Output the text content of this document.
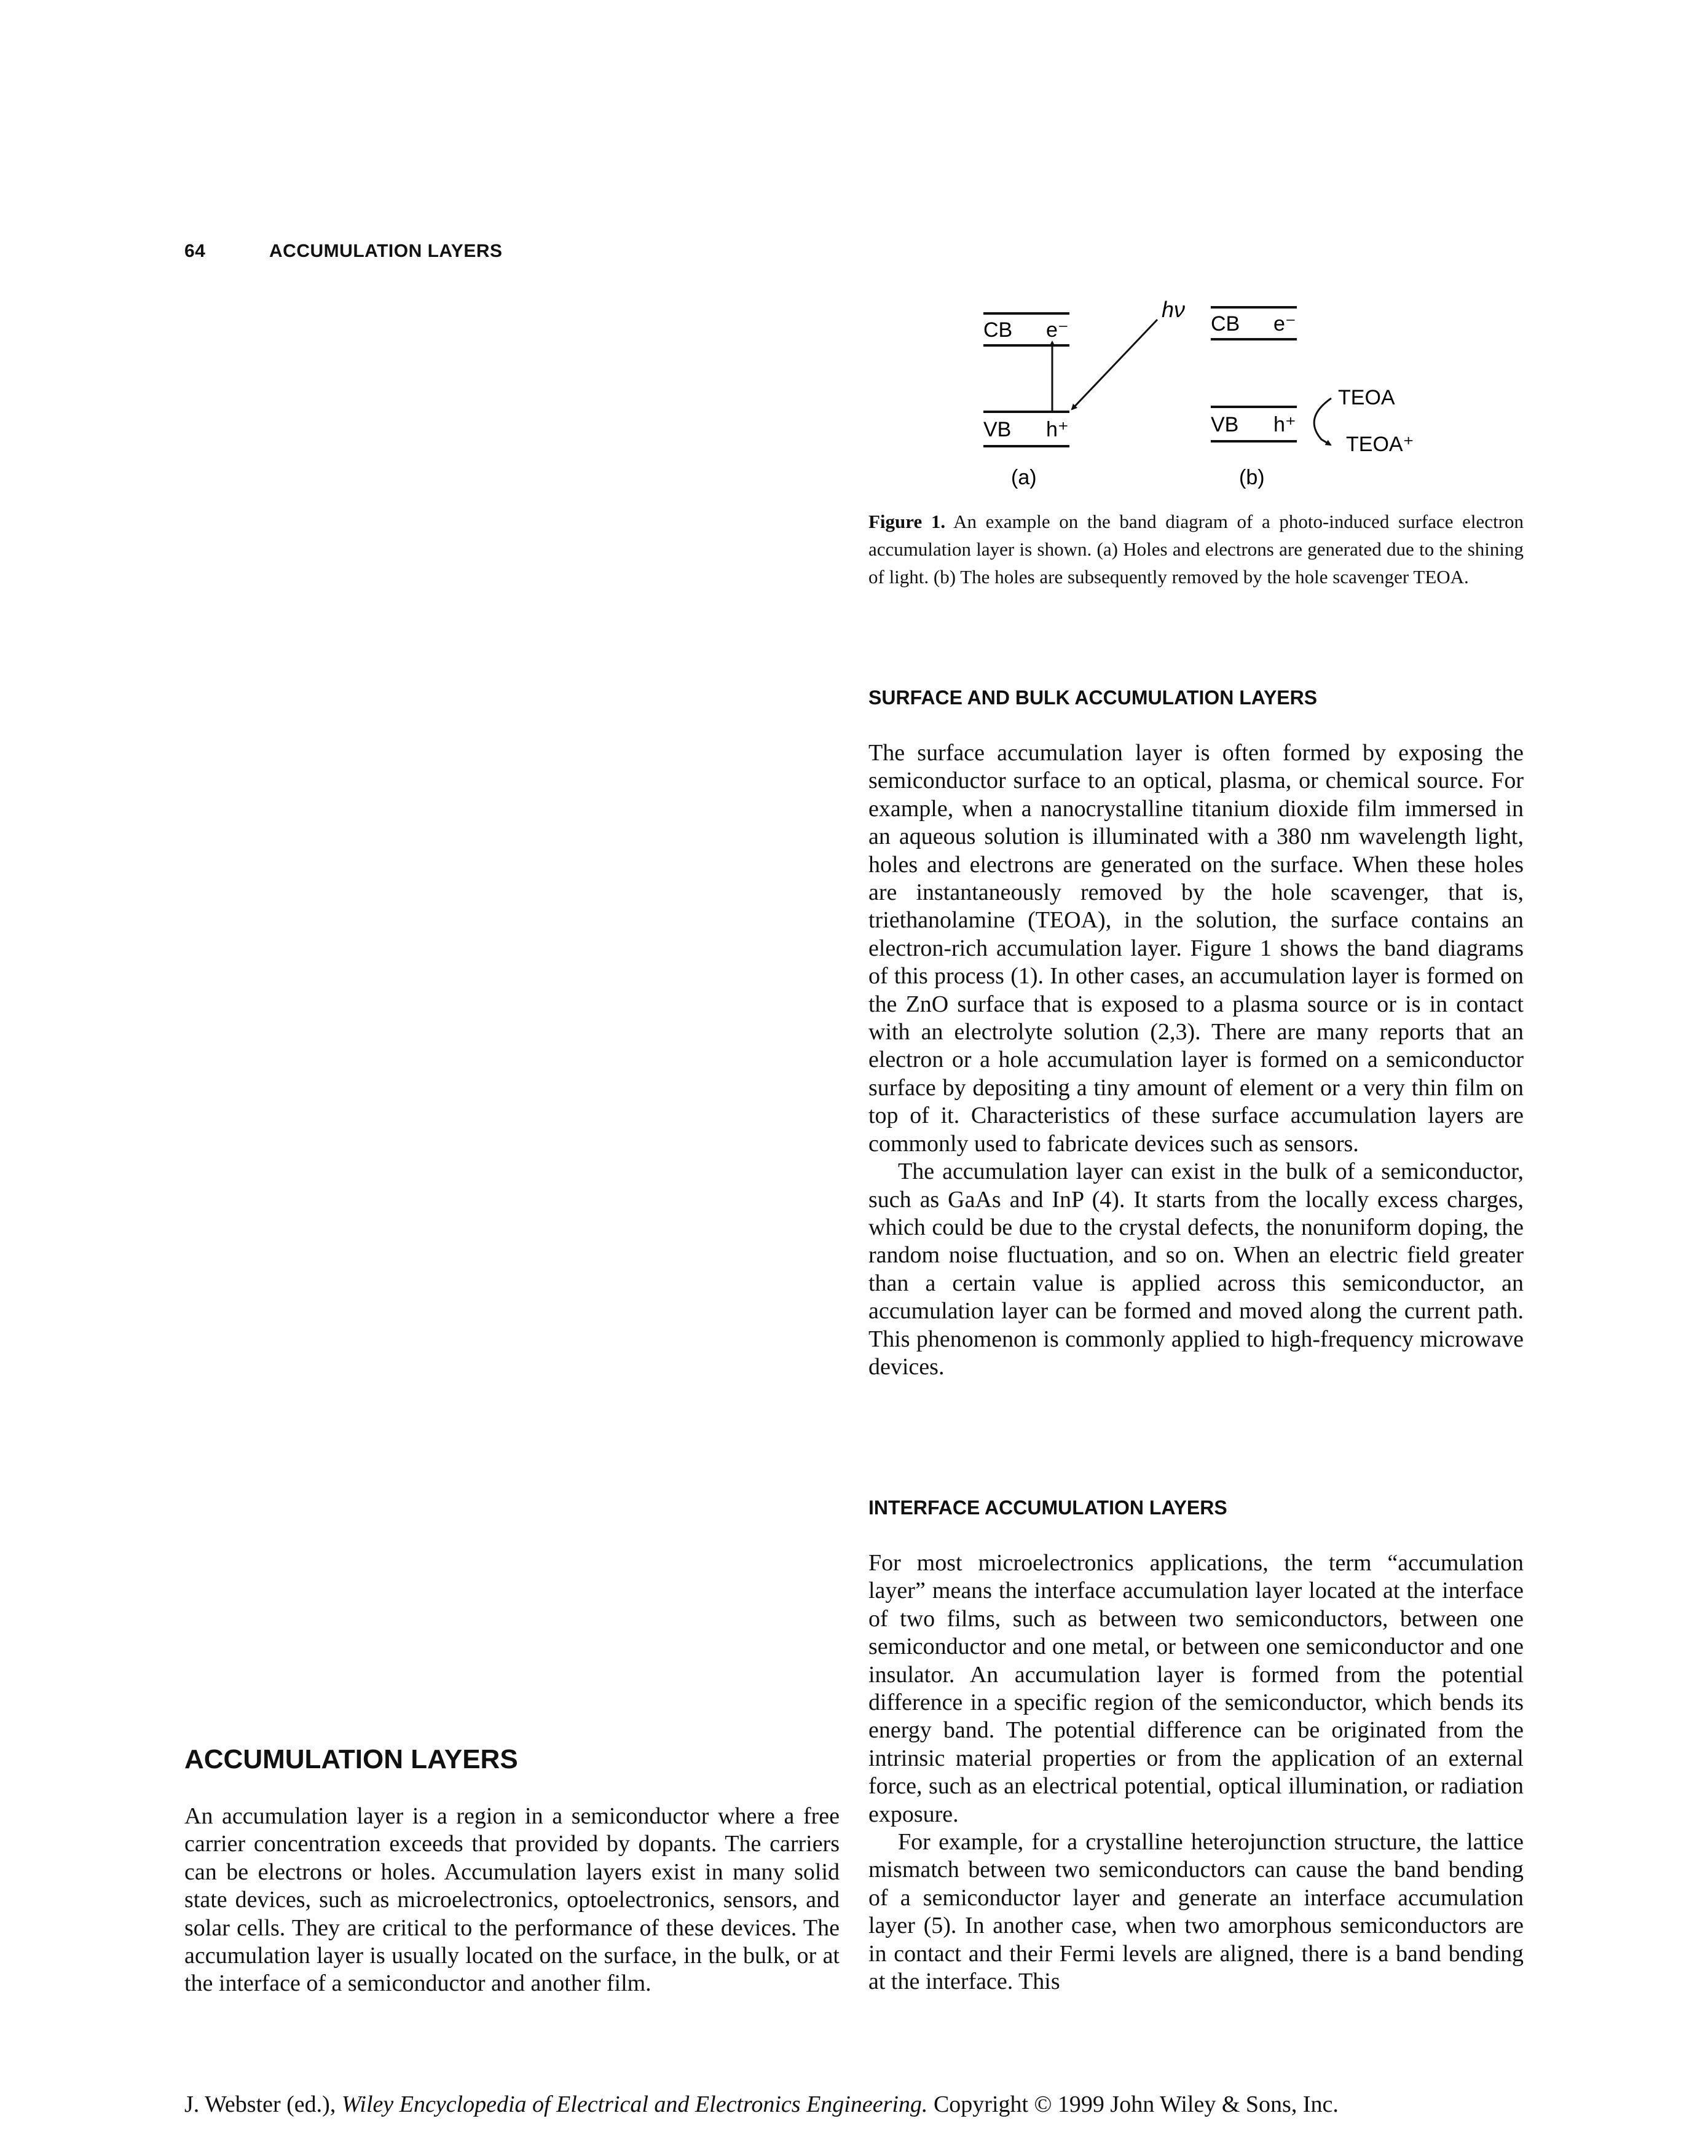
64	ACCUMULATION LAYERS
CB e⁻
VB h⁺
(a)
hν
CB e⁻
VB h⁺
TEOA
TEOA⁺
(b)
Figure 1. An example on the band diagram of a photo-induced surface electron accumulation layer is shown. (a) Holes and electrons are generated due to the shining of light. (b) The holes are subsequently removed by the hole scavenger TEOA.
SURFACE AND BULK ACCUMULATION LAYERS

The surface accumulation layer is often formed by exposing the semiconductor surface to an optical, plasma, or chemical source. For example, when a nanocrystalline titanium dioxide film immersed in an aqueous solution is illuminated with a 380 nm wavelength light, holes and electrons are generated on the surface. When these holes are instantaneously removed by the hole scavenger, that is, triethanolamine (TEOA), in the solution, the surface contains an electron-rich accumulation layer. Figure 1 shows the band diagrams of this process (1). In other cases, an accumulation layer is formed on the ZnO surface that is exposed to a plasma source or is in contact with an electrolyte solution (2,3). There are many reports that an electron or a hole accumulation layer is formed on a semiconductor surface by depositing a tiny amount of element or a very thin film on top of it. Characteristics of these surface accumulation layers are commonly used to fabricate devices such as sensors.

The accumulation layer can exist in the bulk of a semiconductor, such as GaAs and InP (4). It starts from the locally excess charges, which could be due to the crystal defects, the nonuniform doping, the random noise fluctuation, and so on. When an electric field greater than a certain value is applied across this semiconductor, an accumulation layer can be formed and moved along the current path. This phenomenon is commonly applied to high-frequency microwave devices.

INTERFACE ACCUMULATION LAYERS

For most microelectronics applications, the term “accumulation layer” means the interface accumulation layer located at the interface of two films, such as between two semiconductors, between one semiconductor and one metal, or between one semiconductor and one insulator. An accumulation layer is formed from the potential difference in a specific region of the semiconductor, which bends its energy band. The potential difference can be originated from the intrinsic material properties or from the application of an external force, such as an electrical potential, optical illumination, or radiation exposure.

For example, for a crystalline heterojunction structure, the lattice mismatch between two semiconductors can cause the band bending of a semiconductor layer and generate an interface accumulation layer (5). In another case, when two amorphous semiconductors are in contact and their Fermi levels are aligned, there is a band bending at the interface. This

ACCUMULATION LAYERS

An accumulation layer is a region in a semiconductor where a free carrier concentration exceeds that provided by dopants. The carriers can be electrons or holes. Accumulation layers exist in many solid state devices, such as microelectronics, optoelectronics, sensors, and solar cells. They are critical to the performance of these devices. The accumulation layer is usually located on the surface, in the bulk, or at the interface of a semiconductor and another film.

J. Webster (ed.), Wiley Encyclopedia of Electrical and Electronics Engineering. Copyright © 1999 John Wiley & Sons, Inc.
